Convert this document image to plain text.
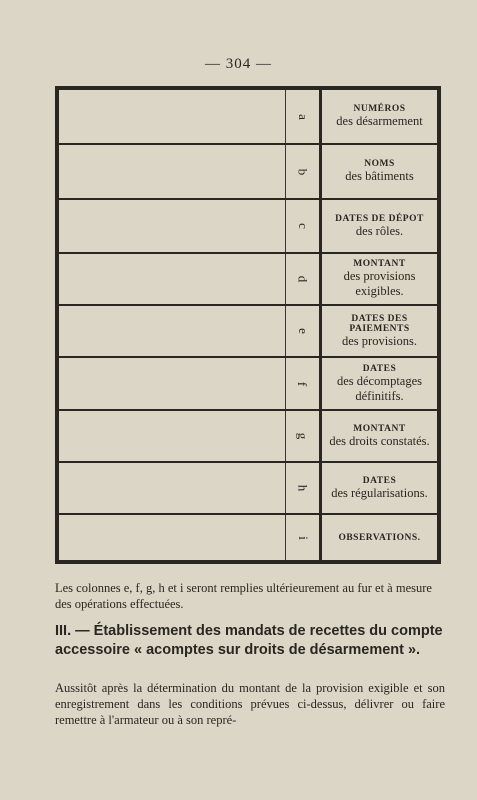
— 304 —
a
NUMÉROS
des désarmement
b
NOMS
des bâtiments
c
DATES DE DÉPOT
des rôles.
d
MONTANT
des provisions
exigibles.
e
DATES DES PAIEMENTS
des provisions.
f
DATES
des décomptages
définitifs.
g
MONTANT
des droits constatés.
h
DATES
des régularisations.
i	OBSERVATIONS.
Les colonnes e, f, g, h et i seront remplies ultérieurement au fur et à mesure des opérations effectuées.
III. — Établissement des mandats de recettes du compte accessoire « acomptes sur droits de désarmement ».
Aussitôt après la détermination du montant de la provision exigible et son enregistrement dans les conditions prévues ci-dessus, délivrer ou faire remettre à l'armateur ou à son repré-
